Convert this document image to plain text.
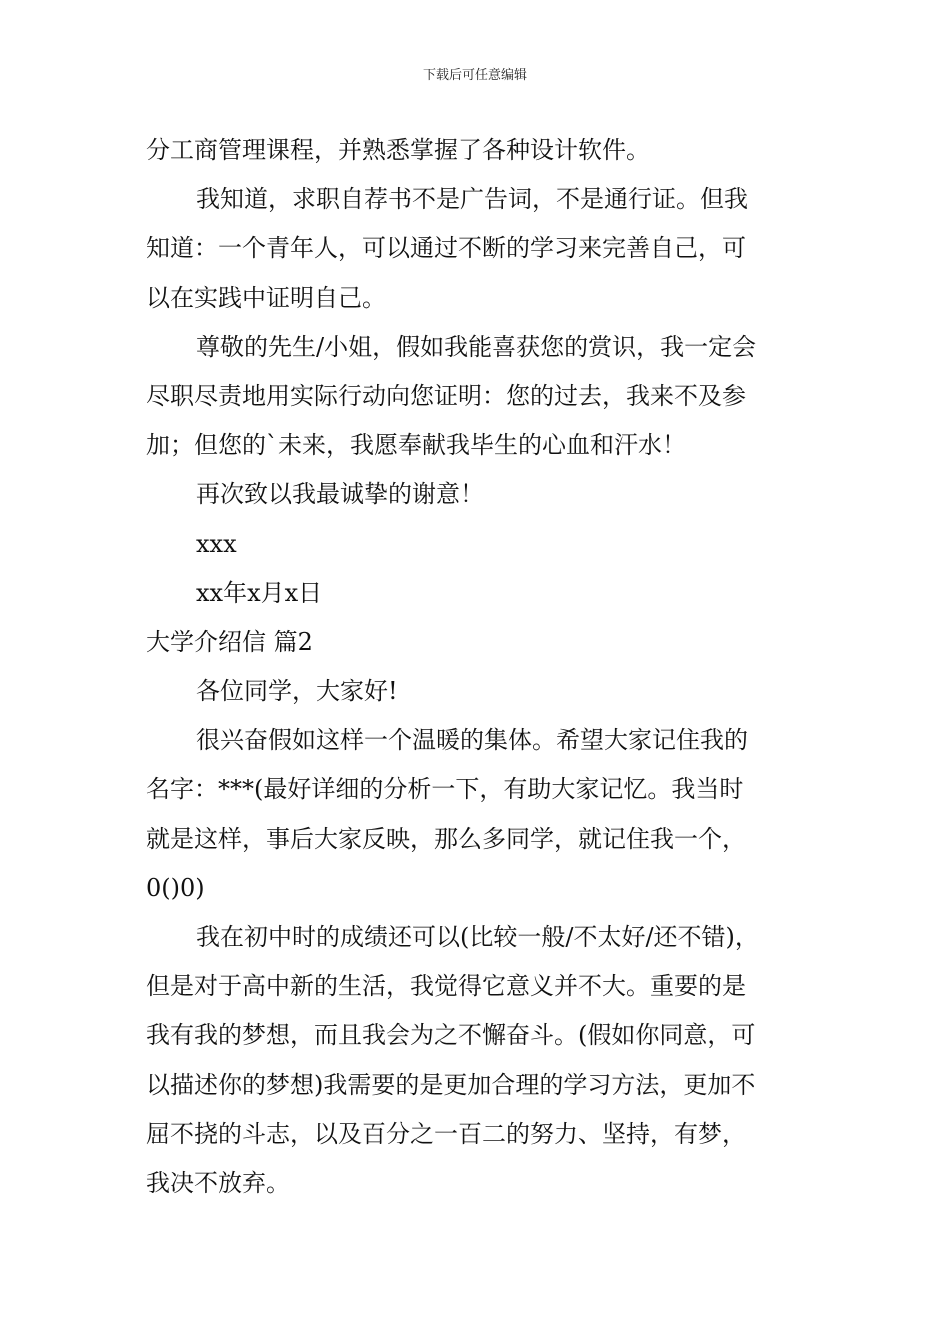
下载后可任意编辑
分工商管理课程，并熟悉掌握了各种设计软件。
我知道，求职自荐书不是广告词，不是通行证。但我
知道：一个青年人，可以通过不断的学习来完善自己，可
以在实践中证明自己。
尊敬的先生/小姐，假如我能喜获您的赏识，我一定会
尽职尽责地用实际行动向您证明：您的过去，我来不及参
加；但您的`未来，我愿奉献我毕生的心血和汗水！
再次致以我最诚挚的谢意！
xxx
xx年x月x日
大学介绍信 篇2
各位同学，大家好!
很兴奋假如这样一个温暖的集体。希望大家记住我的
名字：***(最好详细的分析一下，有助大家记忆。我当时
就是这样，事后大家反映，那么多同学，就记住我一个，
0()0)
我在初中时的成绩还可以(比较一般/不太好/还不错)，
但是对于高中新的生活，我觉得它意义并不大。重要的是
我有我的梦想，而且我会为之不懈奋斗。(假如你同意，可
以描述你的梦想)我需要的是更加合理的学习方法，更加不
屈不挠的斗志，以及百分之一百二的努力、坚持，有梦，
我决不放弃。
